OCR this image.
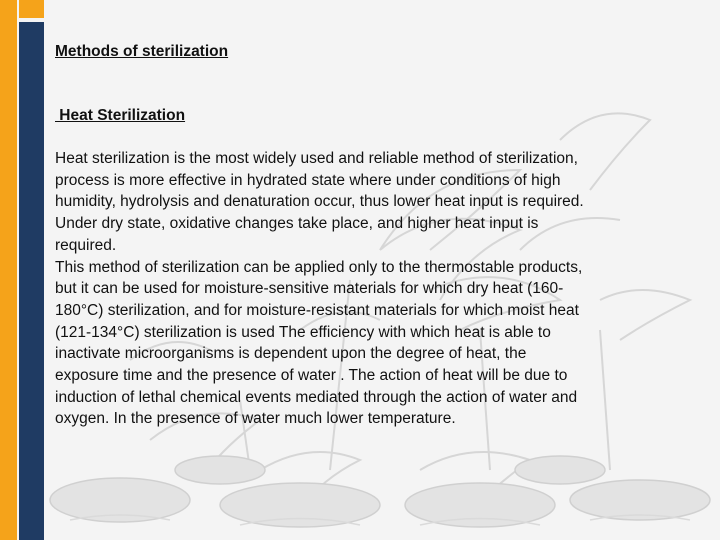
Methods of sterilization
Heat Sterilization
Heat sterilization is the most widely used and reliable method of sterilization,
process is more effective in hydrated state where under conditions of high
humidity, hydrolysis and denaturation occur, thus lower heat input is required.
Under dry state, oxidative changes take place, and higher heat input is
required.
This method of sterilization can be applied only to the thermostable products,
but it can be used for moisture-sensitive materials for which dry heat (160-
180°C) sterilization, and for moisture-resistant materials for which moist heat
(121-134°C) sterilization is used The efficiency with which heat is able to
inactivate microorganisms is dependent upon the degree of heat, the
exposure time and the presence of water . The action of heat will be due to
induction of lethal chemical events mediated through the action of water and
oxygen. In the presence of water much lower temperature.
